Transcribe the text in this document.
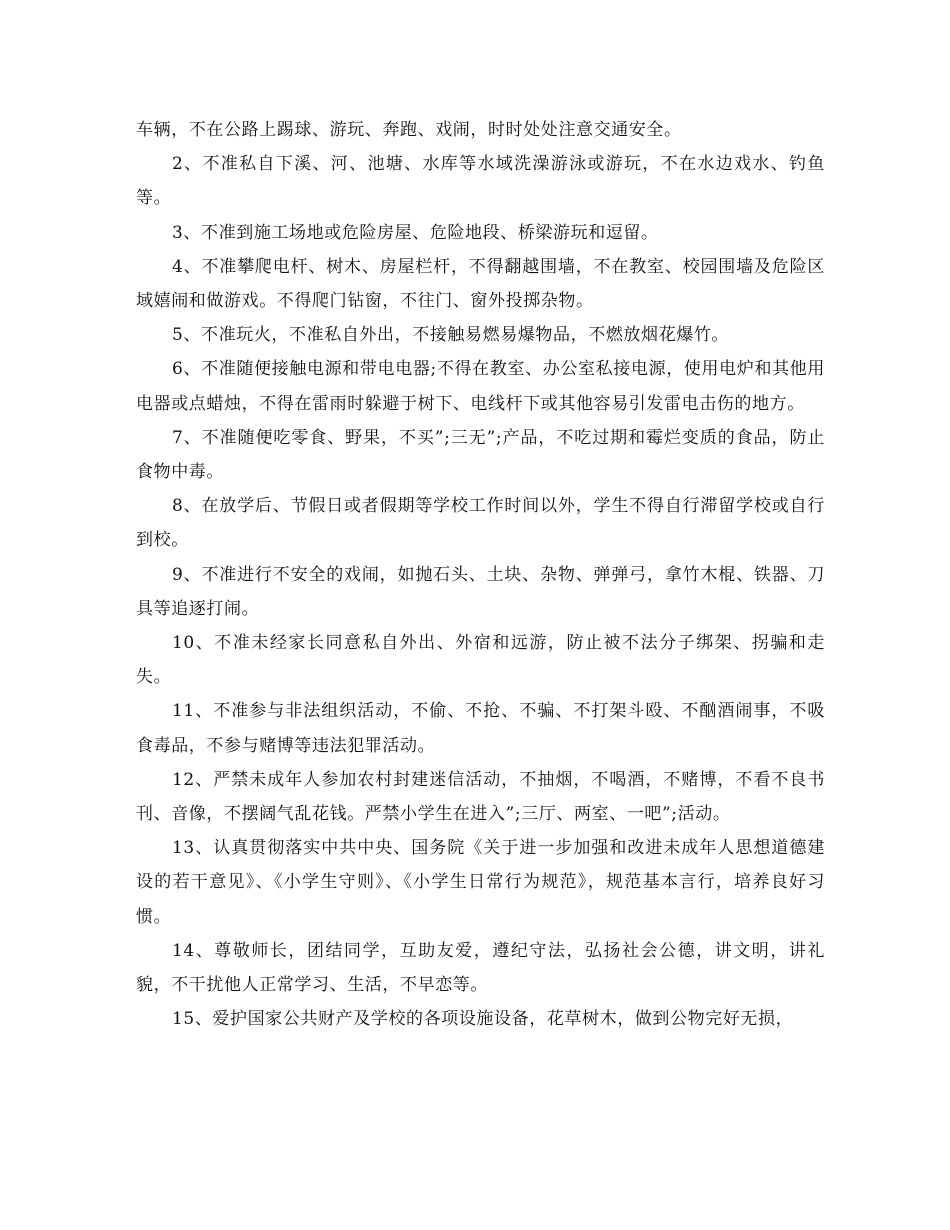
车辆，不在公路上踢球、游玩、奔跑、戏闹，时时处处注意交通安全。

2、不准私自下溪、河、池塘、水库等水域洗澡游泳或游玩，不在水边戏水、钓鱼等。

3、不准到施工场地或危险房屋、危险地段、桥梁游玩和逗留。

4、不准攀爬电杆、树木、房屋栏杆，不得翻越围墙，不在教室、校园围墙及危险区域嬉闹和做游戏。不得爬门钻窗，不往门、窗外投掷杂物。

5、不准玩火，不准私自外出，不接触易燃易爆物品，不燃放烟花爆竹。

6、不准随便接触电源和带电电器;不得在教室、办公室私接电源，使用电炉和其他用电器或点蜡烛，不得在雷雨时躲避于树下、电线杆下或其他容易引发雷电击伤的地方。

7、不准随便吃零食、野果，不买”;三无”;产品，不吃过期和霉烂变质的食品，防止食物中毒。

8、在放学后、节假日或者假期等学校工作时间以外，学生不得自行滞留学校或自行到校。

9、不准进行不安全的戏闹，如抛石头、土块、杂物、弹弹弓，拿竹木棍、铁器、刀具等追逐打闹。

10、不准未经家长同意私自外出、外宿和远游，防止被不法分子绑架、拐骗和走失。

11、不准参与非法组织活动，不偷、不抢、不骗、不打架斗殴、不酗酒闹事，不吸食毒品，不参与赌博等违法犯罪活动。

12、严禁未成年人参加农村封建迷信活动，不抽烟，不喝酒，不赌博，不看不良书刊、音像，不摆阔气乱花钱。严禁小学生在进入”;三厅、两室、一吧”;活动。

13、认真贯彻落实中共中央、国务院《关于进一步加强和改进未成年人思想道德建设的若干意见》、《小学生守则》、《小学生日常行为规范》，规范基本言行，培养良好习惯。

14、尊敬师长，团结同学，互助友爱，遵纪守法，弘扬社会公德，讲文明，讲礼貌，不干扰他人正常学习、生活，不早恋等。

15、爱护国家公共财产及学校的各项设施设备，花草树木，做到公物完好无损，
